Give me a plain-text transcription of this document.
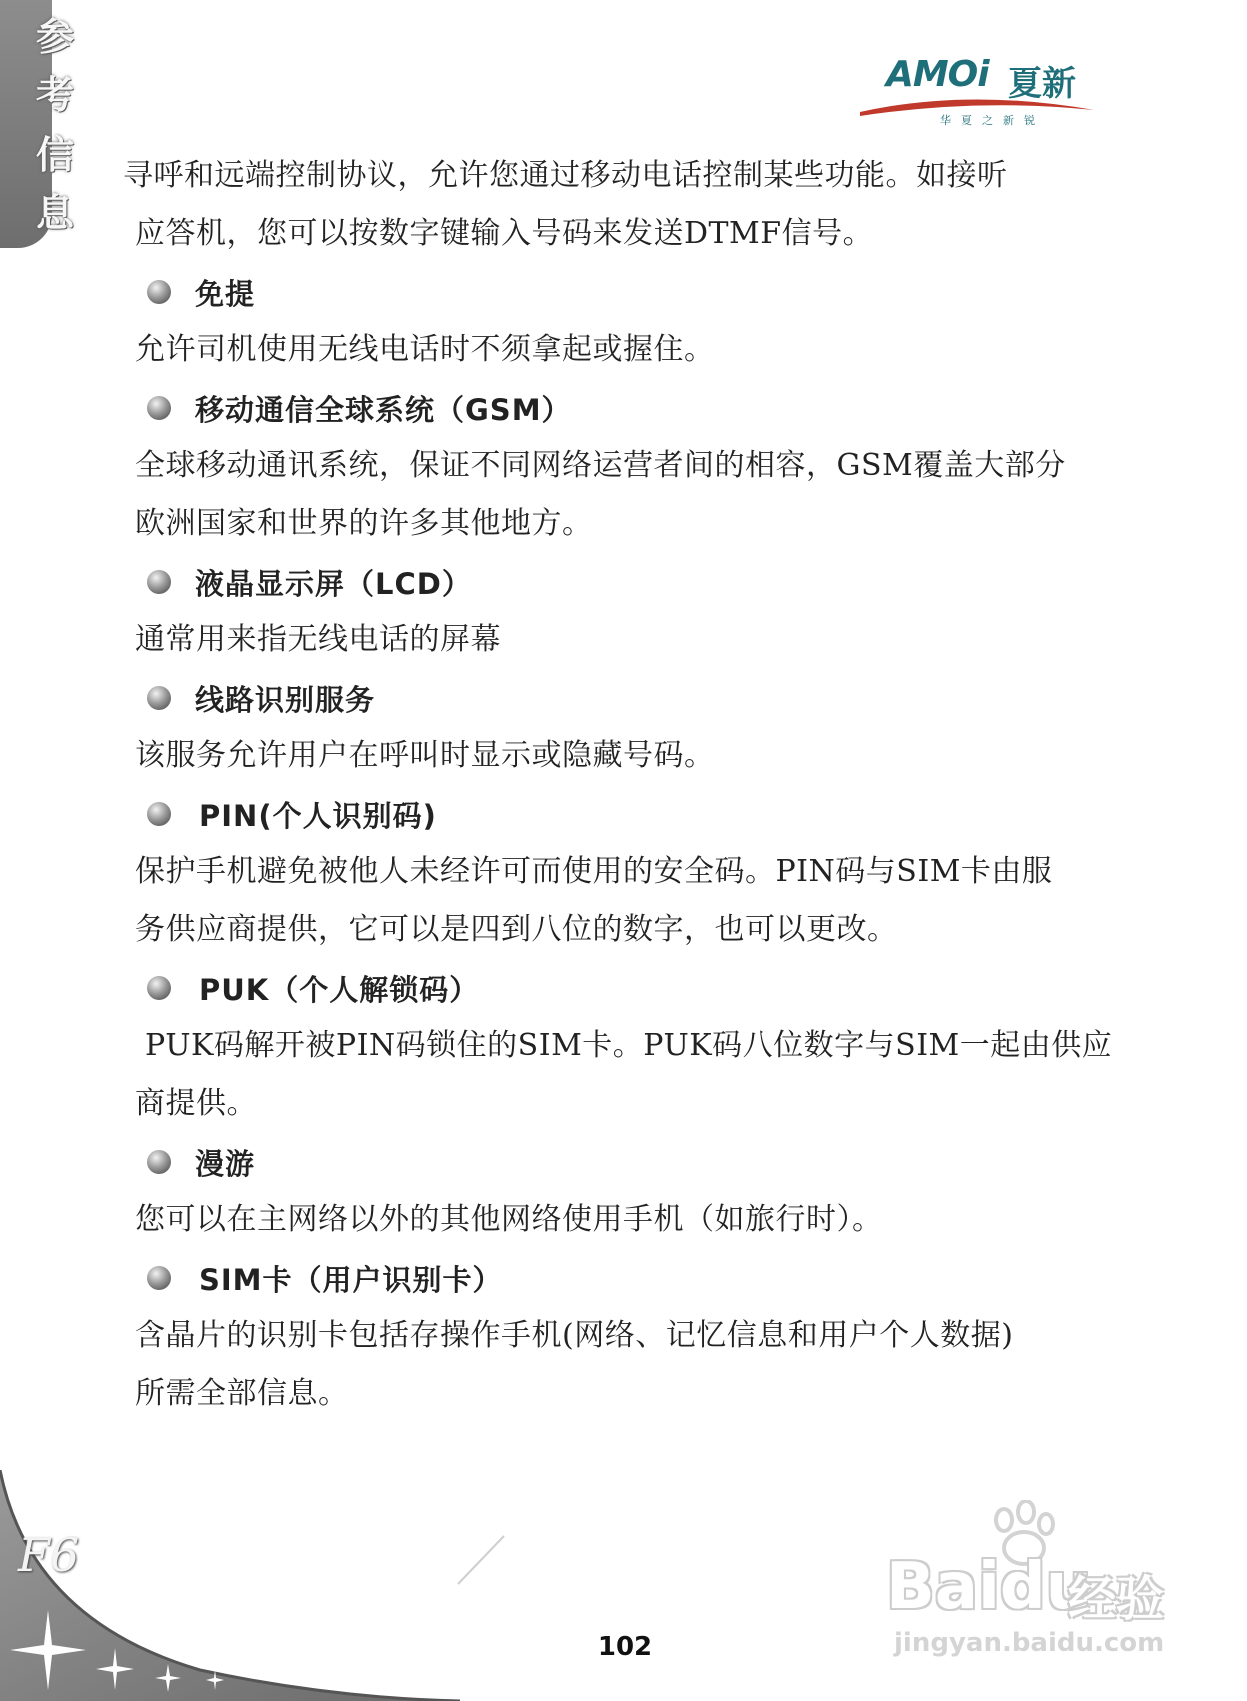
参
考
信
息
AMOi 夏新
华夏之新锐

寻呼和远端控制协议，允许您通过移动电话控制某些功能。如接听

应答机，您可以按数字键输入号码来发送DTMF信号。

免提

允许司机使用无线电话时不须拿起或握住。

移动通信全球系统（GSM）

全球移动通讯系统，保证不同网络运营者间的相容，GSM覆盖大部分

欧洲国家和世界的许多其他地方。

液晶显示屏（LCD）

通常用来指无线电话的屏幕

线路识别服务

该服务允许用户在呼叫时显示或隐藏号码。

PIN(个人识别码)

保护手机避免被他人未经许可而使用的安全码。PIN码与SIM卡由服

务供应商提供，它可以是四到八位的数字，也可以更改。

PUK（个人解锁码）

PUK码解开被PIN码锁住的SIM卡。PUK码八位数字与SIM一起由供应

商提供。

漫游

您可以在主网络以外的其他网络使用手机（如旅行时）。

SIM卡（用户识别卡）

含晶片的识别卡包括存操作手机(网络、记忆信息和用户个人数据)

所需全部信息。

F6
102
Baidu
经验
jingyan.baidu.com
